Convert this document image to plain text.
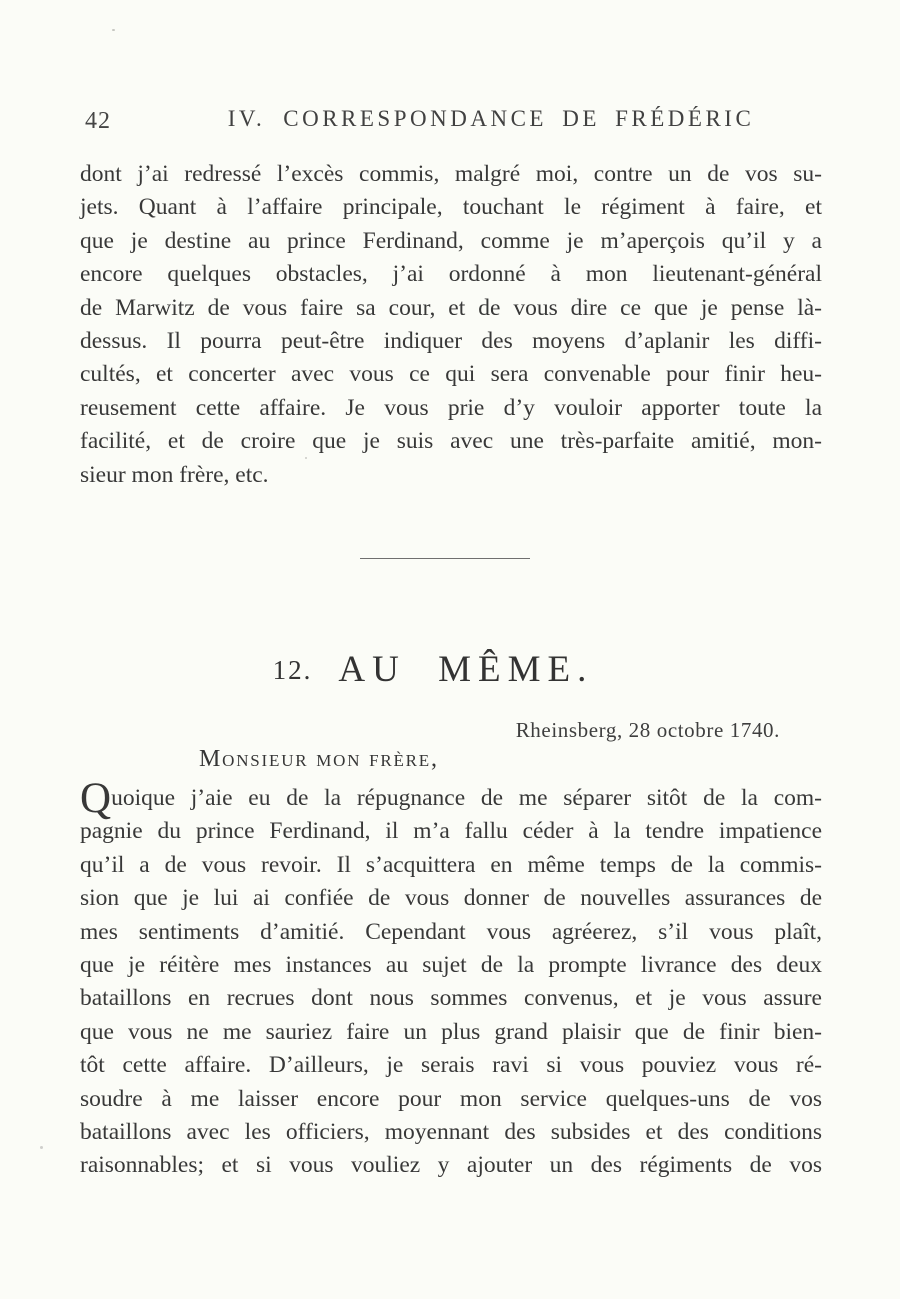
42	IV. CORRESPONDANCE DE FRÉDÉRIC
dont j’ai redressé l’excès commis, malgré moi, contre un de vos su-
jets. Quant à l’affaire principale, touchant le régiment à faire, et
que je destine au prince Ferdinand, comme je m’aperçois qu’il y a
encore quelques obstacles, j’ai ordonné à mon lieutenant-général
de Marwitz de vous faire sa cour, et de vous dire ce que je pense là-
dessus. Il pourra peut-être indiquer des moyens d’aplanir les diffi-
cultés, et concerter avec vous ce qui sera convenable pour finir heu-
reusement cette affaire. Je vous prie d’y vouloir apporter toute la
facilité, et de croire que je suis avec une très-parfaite amitié, mon-
sieur mon frère, etc.
12. AU MÊME.
Rheinsberg, 28 octobre 1740.
Monsieur mon frère,
Quoique j’aie eu de la répugnance de me séparer sitôt de la com-
pagnie du prince Ferdinand, il m’a fallu céder à la tendre impatience
qu’il a de vous revoir. Il s’acquittera en même temps de la commis-
sion que je lui ai confiée de vous donner de nouvelles assurances de
mes sentiments d’amitié. Cependant vous agréerez, s’il vous plaît,
que je réitère mes instances au sujet de la prompte livrance des deux
bataillons en recrues dont nous sommes convenus, et je vous assure
que vous ne me sauriez faire un plus grand plaisir que de finir bien-
tôt cette affaire. D’ailleurs, je serais ravi si vous pouviez vous ré-
soudre à me laisser encore pour mon service quelques-uns de vos
bataillons avec les officiers, moyennant des subsides et des conditions
raisonnables; et si vous vouliez y ajouter un des régiments de vos
